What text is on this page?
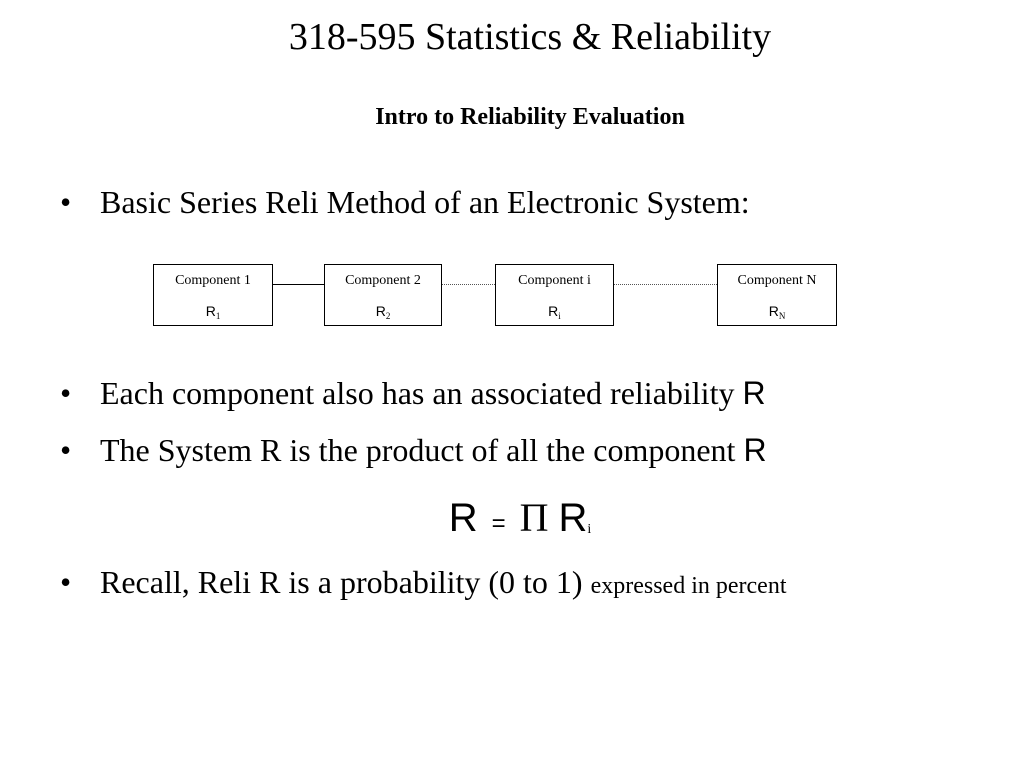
318-595 Statistics & Reliability
Intro to Reliability Evaluation
• Basic Series Reli Method of an Electronic System:
Component 1
$R_1$
Component 2
$R_2$
Component i
$R_i$
Component N
$R_N$
• Each component also has an associated reliability R
• The System R is the product of all the component R
R = Π Ri
• Recall, Reli R is a probability (0 to 1) expressed in percent
